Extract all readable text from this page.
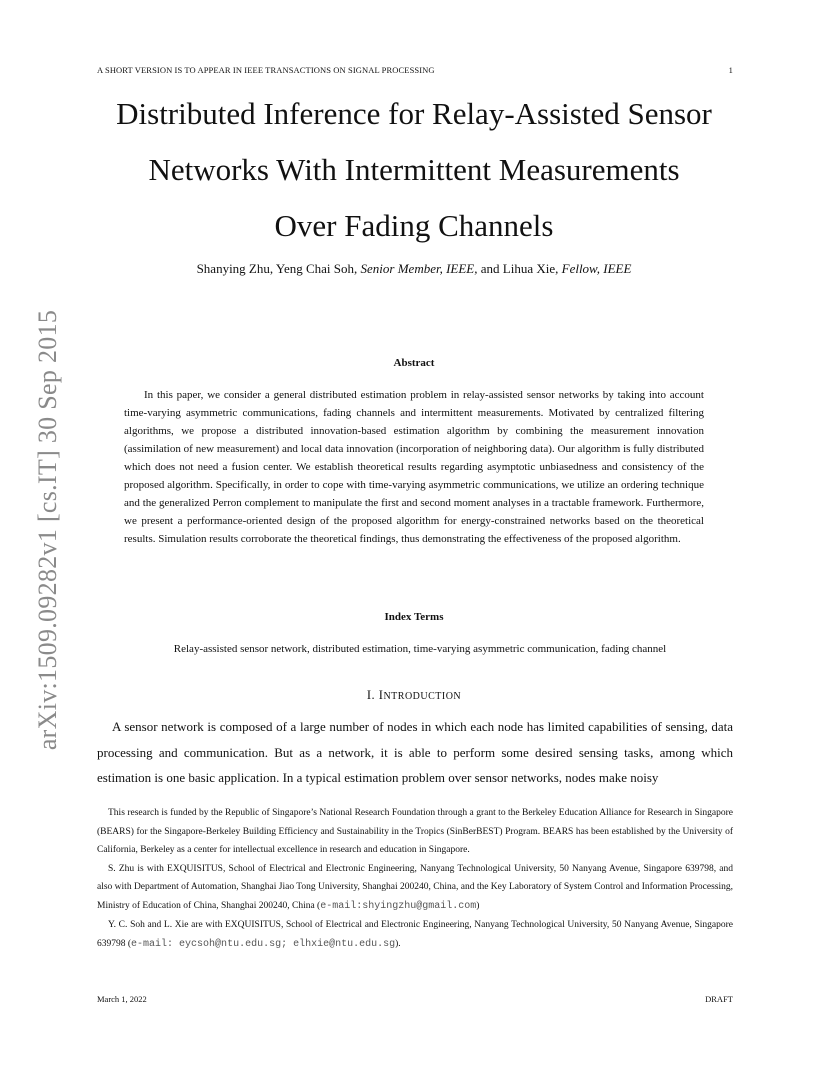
A SHORT VERSION IS TO APPEAR IN IEEE TRANSACTIONS ON SIGNAL PROCESSING	1
arXiv:1509.09282v1 [cs.IT] 30 Sep 2015
Distributed Inference for Relay-Assisted Sensor
Networks With Intermittent Measurements
Over Fading Channels
Shanying Zhu, Yeng Chai Soh, Senior Member, IEEE, and Lihua Xie, Fellow, IEEE
Abstract
In this paper, we consider a general distributed estimation problem in relay-assisted sensor networks by taking into account time-varying asymmetric communications, fading channels and intermittent measurements. Motivated by centralized filtering algorithms, we propose a distributed innovation-based estimation algorithm by combining the measurement innovation (assimilation of new measurement) and local data innovation (incorporation of neighboring data). Our algorithm is fully distributed which does not need a fusion center. We establish theoretical results regarding asymptotic unbiasedness and consistency of the proposed algorithm. Specifically, in order to cope with time-varying asymmetric communications, we utilize an ordering technique and the generalized Perron complement to manipulate the first and second moment analyses in a tractable framework. Furthermore, we present a performance-oriented design of the proposed algorithm for energy-constrained networks based on the theoretical results. Simulation results corroborate the theoretical findings, thus demonstrating the effectiveness of the proposed algorithm.
Index Terms
Relay-assisted sensor network, distributed estimation, time-varying asymmetric communication, fading channel
I. INTRODUCTION
A sensor network is composed of a large number of nodes in which each node has limited capabilities of sensing, data processing and communication. But as a network, it is able to perform some desired sensing tasks, among which estimation is one basic application. In a typical estimation problem over sensor networks, nodes make noisy

This research is funded by the Republic of Singapore’s National Research Foundation through a grant to the Berkeley Education Alliance for Research in Singapore (BEARS) for the Singapore-Berkeley Building Efficiency and Sustainability in the Tropics (SinBerBEST) Program. BEARS has been established by the University of California, Berkeley as a center for intellectual excellence in research and education in Singapore.

S. Zhu is with EXQUISITUS, School of Electrical and Electronic Engineering, Nanyang Technological University, 50 Nanyang Avenue, Singapore 639798, and also with Department of Automation, Shanghai Jiao Tong University, Shanghai 200240, China, and the Key Laboratory of System Control and Information Processing, Ministry of Education of China, Shanghai 200240, China (e-mail:shyingzhu@gmail.com)

Y. C. Soh and L. Xie are with EXQUISITUS, School of Electrical and Electronic Engineering, Nanyang Technological University, 50 Nanyang Avenue, Singapore 639798 (e-mail: eycsoh@ntu.edu.sg; elhxie@ntu.edu.sg).

March 1, 2022	DRAFT
